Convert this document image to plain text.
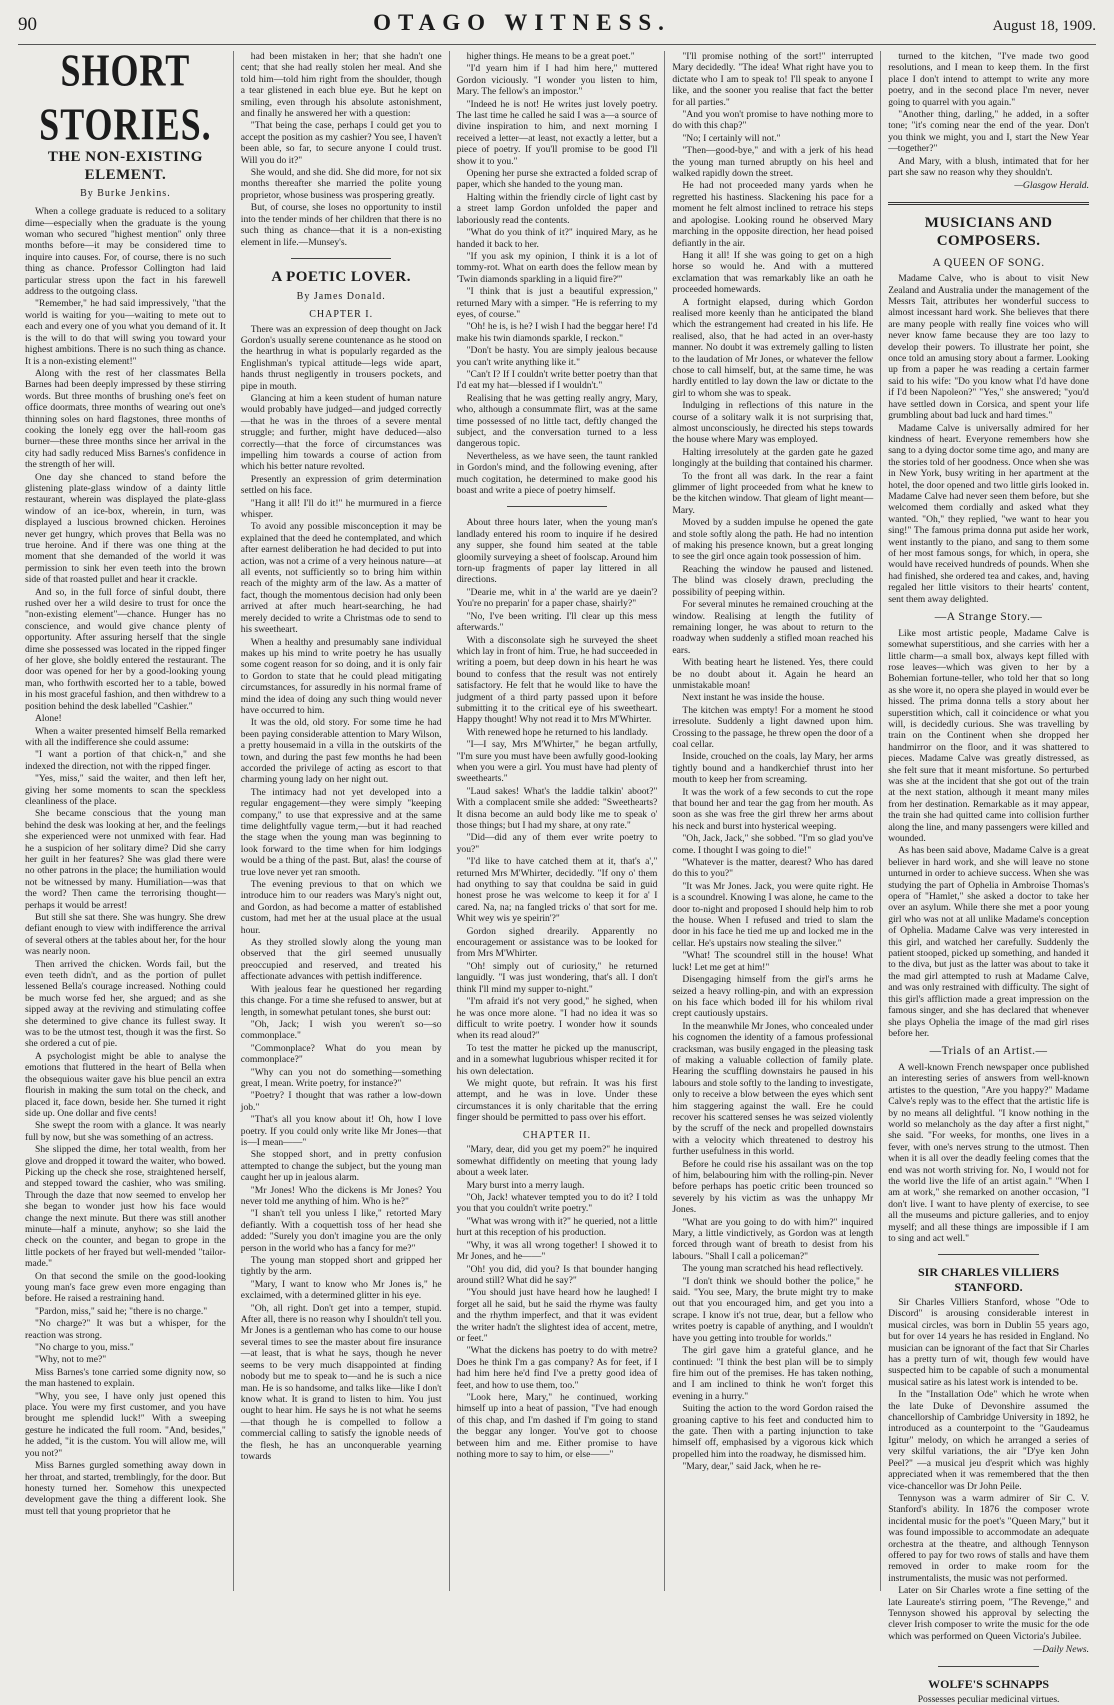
90	OTAGO WITNESS.	August 18, 1909.
SHORT STORIES.
THE NON-EXISTING ELEMENT.
By Burke Jenkins.

When a college graduate is reduced to a solitary dime—especially when the graduate is the young woman who secured "highest mention" only three months before—it may be considered time to inquire into causes. For, of course, there is no such thing as chance. Professor Collington had laid particular stress upon the fact in his farewell address to the outgoing class.

"Remember," he had said impressively, "that the world is waiting for you—waiting to mete out to each and every one of you what you demand of it. It is the will to do that will swing you toward your highest ambitions. There is no such thing as chance. It is a non-existing element!"

Along with the rest of her classmates Bella Barnes had been deeply impressed by these stirring words. But three months of brushing one's feet on office doormats, three months of wearing out one's thinning soles on hard flagstones, three months of cooking the lonely egg over the hall-room gas burner—these three months since her arrival in the city had sadly reduced Miss Barnes's confidence in the strength of her will.

One day she chanced to stand before the glistening plate-glass window of a dainty little restaurant, wherein was displayed the plate-glass window of an ice-box, wherein, in turn, was displayed a luscious browned chicken. Heroines never get hungry, which proves that Bella was no true heroine. And if there was one thing at the moment that she demanded of the world it was permission to sink her even teeth into the brown side of that roasted pullet and hear it crackle.

And so, in the full force of sinful doubt, there rushed over her a wild desire to trust for once the "non-existing element"—chance. Hunger has no conscience, and would give chance plenty of opportunity. After assuring herself that the single dime she possessed was located in the ripped finger of her glove, she boldly entered the restaurant. The door was opened for her by a good-looking young man, who forthwith escorted her to a table, bowed in his most graceful fashion, and then withdrew to a position behind the desk labelled "Cashier."

Alone!

When a waiter presented himself Bella remarked with all the indifference she could assume:

"I want a portion of that chick-n," and she indexed the direction, not with the ripped finger.

"Yes, miss," said the waiter, and then left her, giving her some moments to scan the speckless cleanliness of the place.

She became conscious that the young man behind the desk was looking at her, and the feelings she experienced were not unmixed with fear. Had he a suspicion of her solitary dime? Did she carry her guilt in her features? She was glad there were no other patrons in the place; the humiliation would not be witnessed by many. Humiliation—was that the word? Then came the terrorising thought—perhaps it would be arrest!

But still she sat there. She was hungry. She drew defiant enough to view with indifference the arrival of several others at the tables about her, for the hour was nearly noon.

Then arrived the chicken. Words fail, but the even teeth didn't, and as the portion of pullet lessened Bella's courage increased. Nothing could be much worse fed her, she argued; and as she sipped away at the reviving and stimulating coffee she determined to give chance its fullest sway. It was to be the utmost test, though it was the first. So she ordered a cut of pie.

A psychologist might be able to analyse the emotions that fluttered in the heart of Bella when the obsequious waiter gave his blue pencil an extra flourish in making the sum total on the check, and placed it, face down, beside her. She turned it right side up. One dollar and five cents!

She swept the room with a glance. It was nearly full by now, but she was something of an actress.

She slipped the dime, her total wealth, from her glove and dropped it toward the waiter, who bowed. Picking up the check she rose, straightened herself, and stepped toward the cashier, who was smiling. Through the daze that now seemed to envelop her she began to wonder just how his face would change the next minute. But there was still another minute—half a minute, anyhow; so she laid the check on the counter, and began to grope in the little pockets of her frayed but well-mended "tailor-made."

On that second the smile on the good-looking young man's face grew even more engaging than before. He raised a restraining hand.

"Pardon, miss," said he; "there is no charge."

"No charge?" It was but a whisper, for the reaction was strong.

"No charge to you, miss."

"Why, not to me?"

Miss Barnes's tone carried some dignity now, so the man hastened to explain.

"Why, you see, I have only just opened this place. You were my first customer, and you have brought me splendid luck!" With a sweeping gesture he indicated the full room. "And, besides," he added, "it is the custom. You will allow me, will you not?"

Miss Barnes gurgled something away down in her throat, and started, tremblingly, for the door. But honesty turned her. Somehow this unexpected development gave the thing a different look. She must tell that young proprietor that he

had been mistaken in her; that she hadn't one cent; that she had really stolen her meal. And she told him—told him right from the shoulder, though a tear glistened in each blue eye. But he kept on smiling, even through his absolute astonishment, and finally he answered her with a question:

"That being the case, perhaps I could get you to accept the position as my cashier? You see, I haven't been able, so far, to secure anyone I could trust. Will you do it?"

She would, and she did. She did more, for not six months thereafter she married the polite young proprietor, whose business was prospering greatly.

But, of course, she loses no opportunity to instil into the tender minds of her children that there is no such thing as chance—that it is a non-existing element in life.—Munsey's.

A POETIC LOVER.
By James Donald.
CHAPTER I.

There was an expression of deep thought on Jack Gordon's usually serene countenance as he stood on the hearthrug in what is popularly regarded as the Englishman's typical attitude—legs wide apart, hands thrust negligently in trousers pockets, and pipe in mouth.

Glancing at him a keen student of human nature would probably have judged—and judged correctly—that he was in the throes of a severe mental struggle; and further, might have deduced—also correctly—that the force of circumstances was impelling him towards a course of action from which his better nature revolted.

Presently an expression of grim determination settled on his face.

"Hang it all! I'll do it!" he murmured in a fierce whisper.

To avoid any possible misconception it may be explained that the deed he contemplated, and which after earnest deliberation he had decided to put into action, was not a crime of a very heinous nature—at all events, not sufficiently so to bring him within reach of the mighty arm of the law. As a matter of fact, though the momentous decision had only been arrived at after much heart-searching, he had merely decided to write a Christmas ode to send to his sweetheart.

When a healthy and presumably sane individual makes up his mind to write poetry he has usually some cogent reason for so doing, and it is only fair to Gordon to state that he could plead mitigating circumstances, for assuredly in his normal frame of mind the idea of doing any such thing would never have occurred to him.

It was the old, old story. For some time he had been paying considerable attention to Mary Wilson, a pretty housemaid in a villa in the outskirts of the town, and during the past few months he had been accorded the privilege of acting as escort to that charming young lady on her night out.

The intimacy had not yet developed into a regular engagement—they were simply "keeping company," to use that expressive and at the same time delightfully vague term,—but it had reached the stage when the young man was beginning to look forward to the time when for him lodgings would be a thing of the past. But, alas! the course of true love never yet ran smooth.

The evening previous to that on which we introduce him to our readers was Mary's night out, and Gordon, as had become a matter of established custom, had met her at the usual place at the usual hour.

As they strolled slowly along the young man observed that the girl seemed unusually preoccupied and reserved, and treated his affectionate advances with pettish indifference.

With jealous fear he questioned her regarding this change. For a time she refused to answer, but at length, in somewhat petulant tones, she burst out:

"Oh, Jack; I wish you weren't so—so commonplace."

"Commonplace? What do you mean by commonplace?"

"Why can you not do something—something great, I mean. Write poetry, for instance?"

"Poetry? I thought that was rather a low-down job."

"That's all you know about it! Oh, how I love poetry. If you could only write like Mr Jones—that is—I mean——"

She stopped short, and in pretty confusion attempted to change the subject, but the young man caught her up in jealous alarm.

"Mr Jones! Who the dickens is Mr Jones? You never told me anything of him. Who is he?"

"I shan't tell you unless I like," retorted Mary defiantly. With a coquettish toss of her head she added: "Surely you don't imagine you are the only person in the world who has a fancy for me?"

The young man stopped short and gripped her tightly by the arm.

"Mary, I want to know who Mr Jones is," he exclaimed, with a determined glitter in his eye.

"Oh, all right. Don't get into a temper, stupid. After all, there is no reason why I shouldn't tell you. Mr Jones is a gentleman who has come to our house several times to see the master about fire insurance—at least, that is what he says, though he never seems to be very much disappointed at finding nobody but me to speak to—and he is such a nice man. He is so handsome, and talks like—like I don't know what. It is grand to listen to him. You just ought to hear him. He says he is not what he seems—that though he is compelled to follow a commercial calling to satisfy the ignoble needs of the flesh, he has an unconquerable yearning towards

higher things. He means to be a great poet."

"I'd yearn him if I had him here," muttered Gordon viciously. "I wonder you listen to him, Mary. The fellow's an impostor."

"Indeed he is not! He writes just lovely poetry. The last time he called he said I was a—a source of divine inspiration to him, and next morning I received a letter—at least, not exactly a letter, but a piece of poetry. If you'll promise to be good I'll show it to you."

Opening her purse she extracted a folded scrap of paper, which she handed to the young man.

Halting within the friendly circle of light cast by a street lamp Gordon unfolded the paper and laboriously read the contents.

"What do you think of it?" inquired Mary, as he handed it back to her.

"If you ask my opinion, I think it is a lot of tommy-rot. What on earth does the fellow mean by 'Twin diamonds sparkling in a liquid fire?'"

"I think that is just a beautiful expression," returned Mary with a simper. "He is referring to my eyes, of course."

"Oh! he is, is he? I wish I had the beggar here! I'd make his twin diamonds sparkle, I reckon."

"Don't be hasty. You are simply jealous because you can't write anything like it."

"Can't I? If I couldn't write better poetry than that I'd eat my hat—blessed if I wouldn't."

Realising that he was getting really angry, Mary, who, although a consummate flirt, was at the same time possessed of no little tact, deftly changed the subject, and the conversation turned to a less dangerous topic.

Nevertheless, as we have seen, the taunt rankled in Gordon's mind, and the following evening, after much cogitation, he determined to make good his boast and write a piece of poetry himself.

About three hours later, when the young man's landlady entered his room to inquire if he desired any supper, she found him seated at the table gloomily surveying a sheet of foolscap. Around him torn-up fragments of paper lay littered in all directions.

"Dearie me, whit in a' the warld are ye daein'? You're no preparin' for a paper chase, shairly?"

"No, I've been writing. I'll clear up this mess afterwards."

With a disconsolate sigh he surveyed the sheet which lay in front of him. True, he had succeeded in writing a poem, but deep down in his heart he was bound to confess that the result was not entirely satisfactory. He felt that he would like to have the judgment of a third party passed upon it before submitting it to the critical eye of his sweetheart. Happy thought! Why not read it to Mrs M'Whirter.

With renewed hope he returned to his landlady.

"I—I say, Mrs M'Whirter," he began artfully, "I'm sure you must have been awfully good-looking when you were a girl. You must have had plenty of sweethearts."

"Laud sakes! What's the laddie talkin' aboot?" With a complacent smile she added: "Sweethearts? It disna become an auld body like me to speak o' those things; but I had my share, at ony rate."

"Did—did any of them ever write poetry to you?"

"I'd like to have catched them at it, that's a'," returned Mrs M'Whirter, decidedly. "If ony o' them had onything to say that couldna be said in guid honest prose he was welcome to keep it for a' I cared. Na, na; na fangled tricks o' that sort for me. Whit wey wis ye speirin'?"

Gordon sighed drearily. Apparently no encouragement or assistance was to be looked for from Mrs M'Whirter.

"Oh! simply out of curiosity," he returned languidly. "I was just wondering, that's all. I don't think I'll mind my supper to-night."

"I'm afraid it's not very good," he sighed, when he was once more alone. "I had no idea it was so difficult to write poetry. I wonder how it sounds when its read aloud?"

To test the matter he picked up the manuscript, and in a somewhat lugubrious whisper recited it for his own delectation.

We might quote, but refrain. It was his first attempt, and he was in love. Under these circumstances it is only charitable that the erring finger should be permitted to pass over his effort.

CHAPTER II.

"Mary, dear, did you get my poem?" he inquired somewhat diffidently on meeting that young lady about a week later.

Mary burst into a merry laugh.

"Oh, Jack! whatever tempted you to do it? I told you that you couldn't write poetry."

"What was wrong with it?" he queried, not a little hurt at this reception of his production.

"Why, it was all wrong together! I showed it to Mr Jones, and he——"

"Oh! you did, did you? Is that bounder hanging around still? What did he say?"

"You should just have heard how he laughed! I forget all he said, but he said the rhyme was faulty and the rhythm imperfect, and that it was evident the writer hadn't the slightest idea of accent, metre, or feet."

"What the dickens has poetry to do with metre? Does he think I'm a gas company? As for feet, if I had him here he'd find I've a pretty good idea of feet, and how to use them, too."

"Look here, Mary," he continued, working himself up into a heat of passion, "I've had enough of this chap, and I'm dashed if I'm going to stand the beggar any longer. You've got to choose between him and me. Either promise to have nothing more to say to him, or else——"

"I'll promise nothing of the sort!" interrupted Mary decidedly. "The idea! What right have you to dictate who I am to speak to! I'll speak to anyone I like, and the sooner you realise that fact the better for all parties."

"And you won't promise to have nothing more to do with this chap?"

"No; I certainly will not."

"Then—good-bye," and with a jerk of his head the young man turned abruptly on his heel and walked rapidly down the street.

He had not proceeded many yards when he regretted his hastiness. Slackening his pace for a moment he felt almost inclined to retrace his steps and apologise. Looking round he observed Mary marching in the opposite direction, her head poised defiantly in the air.

Hang it all! If she was going to get on a high horse so would he. And with a muttered exclamation that was remarkably like an oath he proceeded homewards.

A fortnight elapsed, during which Gordon realised more keenly than he anticipated the bland which the estrangement had created in his life. He realised, also, that he had acted in an over-hasty manner. No doubt it was extremely galling to listen to the laudation of Mr Jones, or whatever the fellow chose to call himself, but, at the same time, he was hardly entitled to lay down the law or dictate to the girl to whom she was to speak.

Indulging in reflections of this nature in the course of a solitary walk it is not surprising that, almost unconsciously, he directed his steps towards the house where Mary was employed.

Halting irresolutely at the garden gate he gazed longingly at the building that contained his charmer.

To the front all was dark. In the rear a faint glimmer of light proceeded from what he knew to be the kitchen window. That gleam of light meant—Mary.

Moved by a sudden impulse he opened the gate and stole softly along the path. He had no intention of making his presence known, but a great longing to see the girl once again took possession of him.

Reaching the window he paused and listened. The blind was closely drawn, precluding the possibility of peeping within.

For several minutes he remained crouching at the window. Realising at length the futility of remaining longer, he was about to return to the roadway when suddenly a stifled moan reached his ears.

With beating heart he listened. Yes, there could be no doubt about it. Again he heard an unmistakable moan!

Next instant he was inside the house.

The kitchen was empty! For a moment he stood irresolute. Suddenly a light dawned upon him. Crossing to the passage, he threw open the door of a coal cellar.

Inside, crouched on the coals, lay Mary, her arms tightly bound and a handkerchief thrust into her mouth to keep her from screaming.

It was the work of a few seconds to cut the rope that bound her and tear the gag from her mouth. As soon as she was free the girl threw her arms about his neck and burst into hysterical weeping.

"Oh, Jack, Jack," she sobbed. "I'm so glad you've come. I thought I was going to die!"

"Whatever is the matter, dearest? Who has dared do this to you?"

"It was Mr Jones. Jack, you were quite right. He is a scoundrel. Knowing I was alone, he came to the door to-night and proposed I should help him to rob the house. When I refused and tried to slam the door in his face he tied me up and locked me in the cellar. He's upstairs now stealing the silver."

"What! The scoundrel still in the house! What luck! Let me get at him!"

Disengaging himself from the girl's arms he seized a heavy rolling-pin, and with an expression on his face which boded ill for his whilom rival crept cautiously upstairs.

In the meanwhile Mr Jones, who concealed under his cognomen the identity of a famous professional cracksman, was busily engaged in the pleasing task of making a valuable collection of family plate. Hearing the scuffling downstairs he paused in his labours and stole softly to the landing to investigate, only to receive a blow between the eyes which sent him staggering against the wall. Ere he could recover his scattered senses he was seized violently by the scruff of the neck and propelled downstairs with a velocity which threatened to destroy his further usefulness in this world.

Before he could rise his assailant was on the top of him, belabouring him with the rolling-pin. Never before perhaps has poetic critic been trounced so severely by his victim as was the unhappy Mr Jones.

"What are you going to do with him?" inquired Mary, a little vindictively, as Gordon was at length forced through want of breath to desist from his labours. "Shall I call a policeman?"

The young man scratched his head reflectively.

"I don't think we should bother the police," he said. "You see, Mary, the brute might try to make out that you encouraged him, and get you into a scrape. I know it's not true, dear, but a fellow who writes poetry is capable of anything, and I wouldn't have you getting into trouble for worlds."

The girl gave him a grateful glance, and he continued: "I think the best plan will be to simply fire him out of the premises. He has taken nothing, and I am inclined to think he won't forget this evening in a hurry."

Suiting the action to the word Gordon raised the groaning captive to his feet and conducted him to the gate. Then with a parting injunction to take himself off, emphasised by a vigorous kick which propelled him into the roadway, he dismissed him.

"Mary, dear," said Jack, when he re-

turned to the kitchen, "I've made two good resolutions, and I mean to keep them. In the first place I don't intend to attempt to write any more poetry, and in the second place I'm never, never going to quarrel with you again."

"Another thing, darling," he added, in a softer tone; "it's coming near the end of the year. Don't you think we might, you and I, start the New Year—together?"

And Mary, with a blush, intimated that for her part she saw no reason why they shouldn't.

—Glasgow Herald.
MUSICIANS AND COMPOSERS.
A QUEEN OF SONG.

Madame Calve, who is about to visit New Zealand and Australia under the management of the Messrs Tait, attributes her wonderful success to almost incessant hard work. She believes that there are many people with really fine voices who will never know fame because they are too lazy to develop their powers. To illustrate her point, she once told an amusing story about a farmer. Looking up from a paper he was reading a certain farmer said to his wife: "Do you know what I'd have done if I'd been Napoleon?" "Yes," she answered; "you'd have settled down in Corsica, and spent your life grumbling about bad luck and hard times."

Madame Calve is universally admired for her kindness of heart. Everyone remembers how she sang to a dying doctor some time ago, and many are the stories told of her goodness. Once when she was in New York, busy writing in her apartment at the hotel, the door opened and two little girls looked in. Madame Calve had never seen them before, but she welcomed them cordially and asked what they wanted. "Oh," they replied, "we want to hear you sing!" The famous prima donna put aside her work, went instantly to the piano, and sang to them some of her most famous songs, for which, in opera, she would have received hundreds of pounds. When she had finished, she ordered tea and cakes, and, having regaled her little visitors to their hearts' content, sent them away delighted.

—A Strange Story.—

Like most artistic people, Madame Calve is somewhat superstitious, and she carries with her a little charm—a small box, always kept filled with rose leaves—which was given to her by a Bohemian fortune-teller, who told her that so long as she wore it, no opera she played in would ever be hissed. The prima donna tells a story about her superstition which, call it coincidence or what you will, is decidedly curious. She was travelling by train on the Continent when she dropped her handmirror on the floor, and it was shattered to pieces. Madame Calve was greatly distressed, as she felt sure that it meant misfortune. So perturbed was she at the incident that she got out of the train at the next station, although it meant many miles from her destination. Remarkable as it may appear, the train she had quitted came into collision further along the line, and many passengers were killed and wounded.

As has been said above, Madame Calve is a great believer in hard work, and she will leave no stone unturned in order to achieve success. When she was studying the part of Ophelia in Ambroise Thomas's opera of "Hamlet," she asked a doctor to take her over an asylum. While there she met a poor young girl who was not at all unlike Madame's conception of Ophelia. Madame Calve was very interested in this girl, and watched her carefully. Suddenly the patient stooped, picked up something, and handed it to the diva, but just as the latter was about to take it the mad girl attempted to rush at Madame Calve, and was only restrained with difficulty. The sight of this girl's affliction made a great impression on the famous singer, and she has declared that whenever she plays Ophelia the image of the mad girl rises before her.

—Trials of an Artist.—

A well-known French newspaper once published an interesting series of answers from well-known artistes to the question, "Are you happy?" Madame Calve's reply was to the effect that the artistic life is by no means all delightful. "I know nothing in the world so melancholy as the day after a first night," she said. "For weeks, for months, one lives in a fever, with one's nerves strung to the utmost. Then when it is all over the deadly feeling comes that the end was not worth striving for. No, I would not for the world live the life of an artist again." "When I am at work," she remarked on another occasion, "I don't live. I want to have plenty of exercise, to see all the museums and picture galleries, and to enjoy myself; and all these things are impossible if I am to sing and act well."

SIR CHARLES VILLIERS STANFORD.

Sir Charles Villiers Stanford, whose "Ode to Discord" is arousing considerable interest in musical circles, was born in Dublin 55 years ago, but for over 14 years he has resided in England. No musician can be ignorant of the fact that Sir Charles has a pretty turn of wit, though few would have suspected him to be capable of such a monumental musical satire as his latest work is intended to be.

In the "Installation Ode" which he wrote when the late Duke of Devonshire assumed the chancellorship of Cambridge University in 1892, he introduced as a counterpoint to the "Gaudeamus Igitur" melody, on which he arranged a series of very skilful variations, the air "D'ye ken John Peel?" —a musical jeu d'esprit which was highly appreciated when it was remembered that the then vice-chancellor was Dr John Peile.

Tennyson was a warm admirer of Sir C. V. Stanford's ability. In 1876 the composer wrote incidental music for the poet's "Queen Mary," but it was found impossible to accommodate an adequate orchestra at the theatre, and although Tennyson offered to pay for two rows of stalls and have them removed in order to make room for the instrumentalists, the music was not performed.

Later on Sir Charles wrote a fine setting of the late Laureate's stirring poem, "The Revenge," and Tennyson showed his approval by selecting the clever Irish composer to write the music for the ode which was performed on Queen Victoria's Jubilee.

—Daily News.
WOLFE'S SCHNAPPS
Possesses peculiar medicinal virtues.
